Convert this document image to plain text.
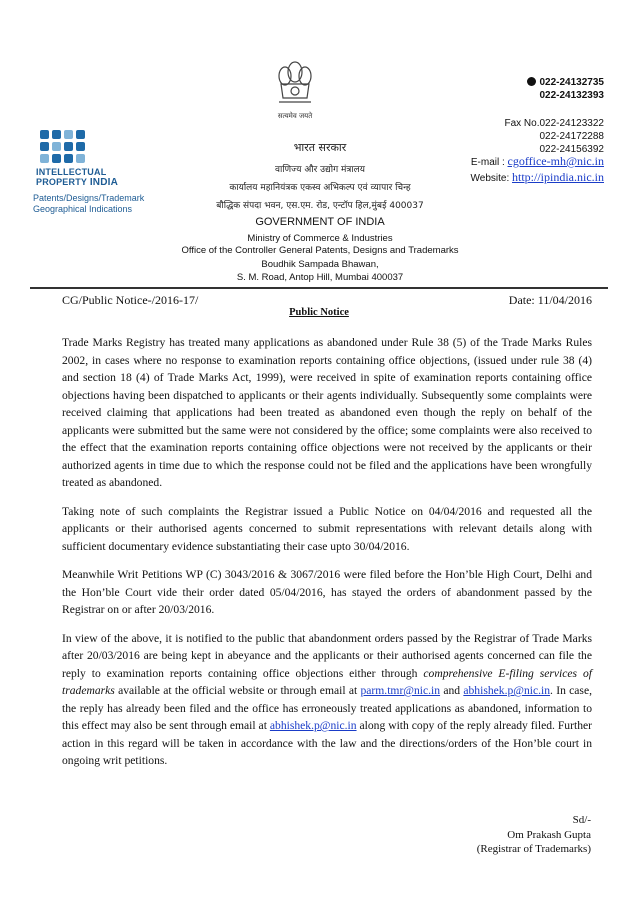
INTELLECTUAL
PROPERTY INDIA
Patents/Designs/Trademark
Geographical Indications
सत्यमेव जयते
भारत सरकार
वाणिज्य और उद्योग मंत्रालय
कार्यालय महानियंत्रक एकस्व अभिकल्प एवं व्यापार चिन्ह
बौद्धिक संपदा भवन, एस.एम. रोड, एन्टॉप हिल,मुंबई 400037
GOVERNMENT OF INDIA
Ministry of Commerce & Industries
Office of the Controller General Patents, Designs and Trademarks
Boudhik Sampada Bhawan,
S. M. Road, Antop Hill, Mumbai 400037
022-24132735
022-24132393
Fax No.022-24123322
022-24172288
022-24156392
E-mail : cgoffice-mh@nic.in
Website: http://ipindia.nic.in
CG/Public Notice-/2016-17/	Date: 11/04/2016
Public Notice

Trade Marks Registry has treated many applications as abandoned under Rule 38 (5) of the Trade Marks Rules 2002, in cases where no response to examination reports containing office objections, (issued under rule 38 (4) and section 18 (4) of Trade Marks Act, 1999), were received in spite of examination reports containing office objections having been dispatched to applicants or their agents individually. Subsequently some complaints were received claiming that applications had been treated as abandoned even though the reply on behalf of the applicants were submitted but the same were not considered by the office; some complaints were also received to the effect that the examination reports containing office objections were not received by the applicants or their authorized agents in time due to which the response could not be filed and the applications have been wrongfully treated as abandoned.

Taking note of such complaints the Registrar issued a Public Notice on 04/04/2016 and requested all the applicants or their authorised agents concerned to submit representations with relevant details along with sufficient documentary evidence substantiating their case upto 30/04/2016.

Meanwhile Writ Petitions WP (C) 3043/2016 & 3067/2016 were filed before the Hon’ble High Court, Delhi and the Hon’ble Court vide their order dated 05/04/2016, has stayed the orders of abandonment passed by the Registrar on or after 20/03/2016.

In view of the above, it is notified to the public that abandonment orders passed by the Registrar of Trade Marks after 20/03/2016 are being kept in abeyance and the applicants or their authorised agents concerned can file the reply to examination reports containing office objections either through comprehensive E-filing services of trademarks available at the official website or through email at parm.tmr@nic.in and abhishek.p@nic.in. In case, the reply has already been filed and the office has erroneously treated applications as abandoned, information to this effect may also be sent through email at abhishek.p@nic.in along with copy of the reply already filed. Further action in this regard will be taken in accordance with the law and the directions/orders of the Hon’ble court in ongoing writ petitions.

Sd/-
Om Prakash Gupta
(Registrar of Trademarks)
